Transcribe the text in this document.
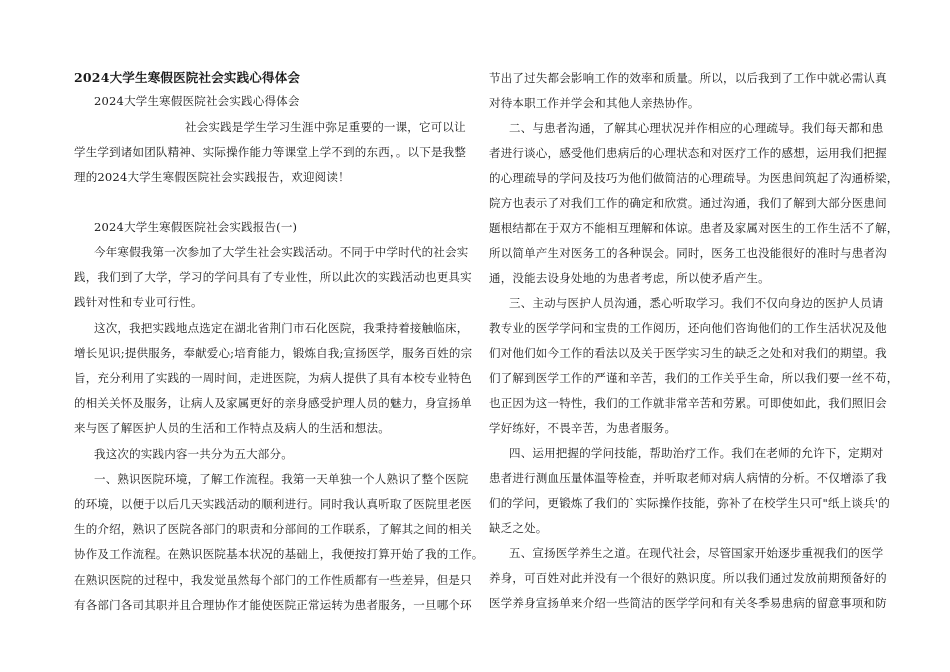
2024大学生寒假医院社会实践心得体会
2024大学生寒假医院社会实践心得体会
社会实践是学生学习生涯中弥足重要的一课，它可以让
学生学到诸如团队精神、实际操作能力等课堂上学不到的东西，。以下是我整
理的2024大学生寒假医院社会实践报告，欢迎阅读！
2024大学生寒假医院社会实践报告(一)
今年寒假我第一次参加了大学生社会实践活动。不同于中学时代的社会实
践，我们到了大学，学习的学问具有了专业性，所以此次的实践活动也更具实
践针对性和专业可行性。
这次，我把实践地点选定在湖北省荆门市石化医院，我秉持着接触临床，
增长见识;提供服务，奉献爱心;培育能力，锻炼自我;宣扬医学，服务百姓的宗
旨，充分利用了实践的一周时间，走进医院，为病人提供了具有本校专业特色
的相关关怀及服务，让病人及家属更好的亲身感受护理人员的魅力，身宣扬单
来与医了解医护人员的生活和工作特点及病人的生活和想法。
我这次的实践内容一共分为五大部分。
一、熟识医院环境，了解工作流程。我第一天单独一个人熟识了整个医院
的环境，以便于以后几天实践活动的顺利进行。同时我认真听取了医院里老医
生的介绍，熟识了医院各部门的职责和分部间的工作联系，了解其之间的相关
协作及工作流程。在熟识医院基本状况的基础上，我便按打算开始了我的工作。
在熟识医院的过程中，我发觉虽然每个部门的工作性质都有一些差异，但是只
有各部门各司其职并且合理协作才能使医院正常运转为患者服务，一旦哪个环
节出了过失都会影响工作的效率和质量。所以，以后我到了工作中就必需认真
对待本职工作并学会和其他人亲热协作。
二、与患者沟通，了解其心理状况并作相应的心理疏导。我们每天都和患
者进行谈心，感受他们患病后的心理状态和对医疗工作的感想，运用我们把握
的心理疏导的学问及技巧为他们做简洁的心理疏导。为医患间筑起了沟通桥梁，
院方也表示了对我们工作的确定和欣赏。通过沟通，我们了解到大部分医患间
题根结都在于双方不能相互理解和体谅。患者及家属对医生的工作生活不了解，
所以简单产生对医务工的各种误会。同时，医务工也没能很好的准时与患者沟
通，没能去设身处地的为患者考虑，所以使矛盾产生。
三、主动与医护人员沟通，悉心听取学习。我们不仅向身边的医护人员请
教专业的医学学问和宝贵的工作阅历，还向他们咨询他们的工作生活状况及他
们对他们如今工作的看法以及关于医学实习生的缺乏之处和对我们的期望。我
们了解到医学工作的严谨和辛苦，我们的工作关乎生命，所以我们要一丝不苟，
也正因为这一特性，我们的工作就非常辛苦和劳累。可即使如此，我们照旧会
学好练好，不畏辛苦，为患者服务。
四、运用把握的学问技能，帮助治疗工作。我们在老师的允许下，定期对
患者进行测血压量体温等检查，并听取老师对病人病情的分析。不仅增添了我
们的学问，更锻炼了我们的`实际操作技能，弥补了在校学生只可"纸上谈兵'的
缺乏之处。
五、宣扬医学养生之道。在现代社会，尽管国家开始逐步重视我们的医学
养身，可百姓对此并没有一个很好的熟识度。所以我们通过发放前期预备好的
医学养身宣扬单来介绍一些简洁的医学学问和有关冬季易患病的留意事项和防
